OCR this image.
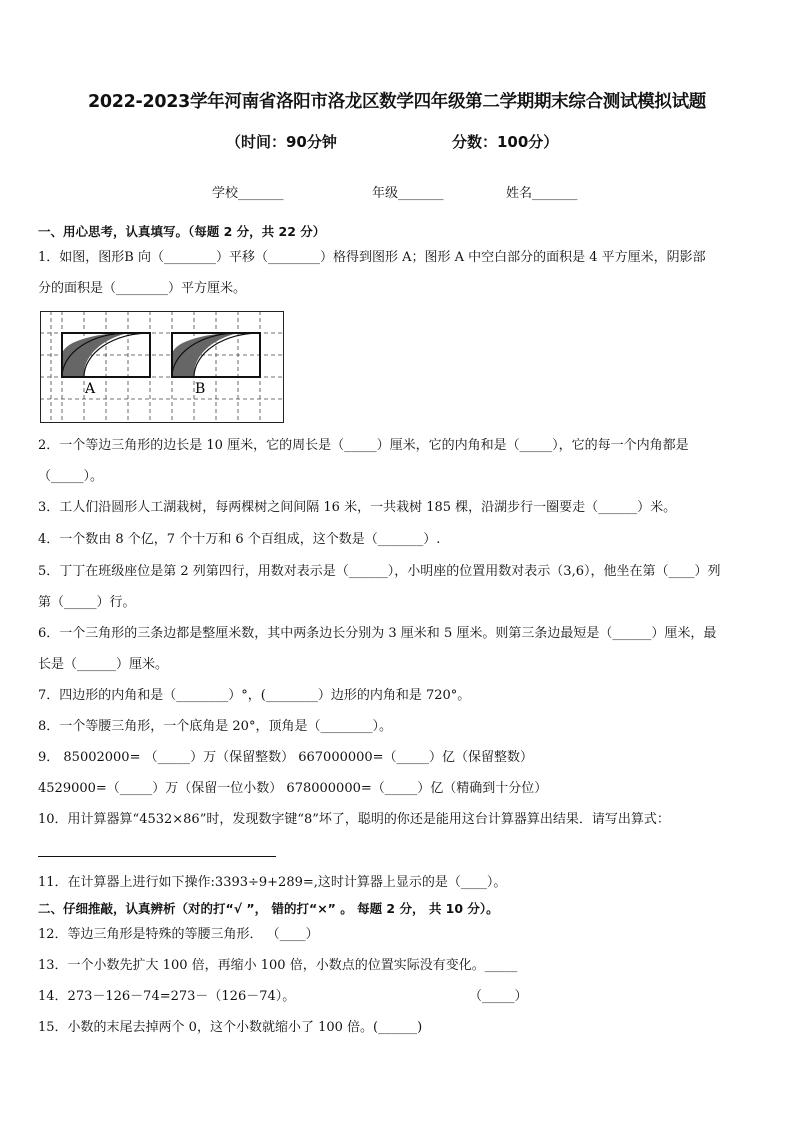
2022-2023学年河南省洛阳市洛龙区数学四年级第二学期期末综合测试模拟试题
（时间：90分钟	分数：100分）
学校_______	年级_______	姓名_______
一、用心思考，认真填写。（每题 2 分，共 22 分）
1．如图，图形B 向（________）平移（________）格得到图形 A；图形 A 中空白部分的面积是 4 平方厘米，阴影部
分的面积是（________）平方厘米。
A	B
2．一个等边三角形的边长是 10 厘米，它的周长是（_____）厘米，它的内角和是（_____），它的每一个内角都是
（_____）。
3．工人们沿圆形人工湖栽树，每两棵树之间间隔 16 米，一共栽树 185 棵，沿湖步行一圈要走（______）米。
4．一个数由 8 个亿，7 个十万和 6 个百组成，这个数是（_______）.
5．丁丁在班级座位是第 2 列第四行，用数对表示是（______），小明座的位置用数对表示（3,6），他坐在第（____）列
第（_____）行。
6．一个三角形的三条边都是整厘米数，其中两条边长分别为 3 厘米和 5 厘米。则第三条边最短是（______）厘米，最
长是（______）厘米。
7．四边形的内角和是（________）°，(________）边形的内角和是 720°。
8．一个等腰三角形，一个底角是 20°，顶角是（________）。
9． 85002000= （_____）万（保留整数） 667000000=（_____）亿（保留整数）
4529000=（_____）万（保留一位小数） 678000000=（_____）亿（精确到十分位）
10．用计算器算“4532×86”时，发现数字键“8”坏了，聪明的你还是能用这台计算器算出结果．请写出算式：
11．在计算器上进行如下操作:3393÷9+289=,这时计算器上显示的是（____）。
二、仔细推敲，认真辨析（对的打“√ ”， 错的打“×” 。 每题 2 分， 共 10 分）。
12．等边三角形是特殊的等腰三角形． （____）
13．一个小数先扩大 100 倍，再缩小 100 倍，小数点的位置实际没有变化。_____
14．273－126－74=273－（126－74）。	（_____）
15．小数的末尾去掉两个 0，这个小数就缩小了 100 倍。(______)
